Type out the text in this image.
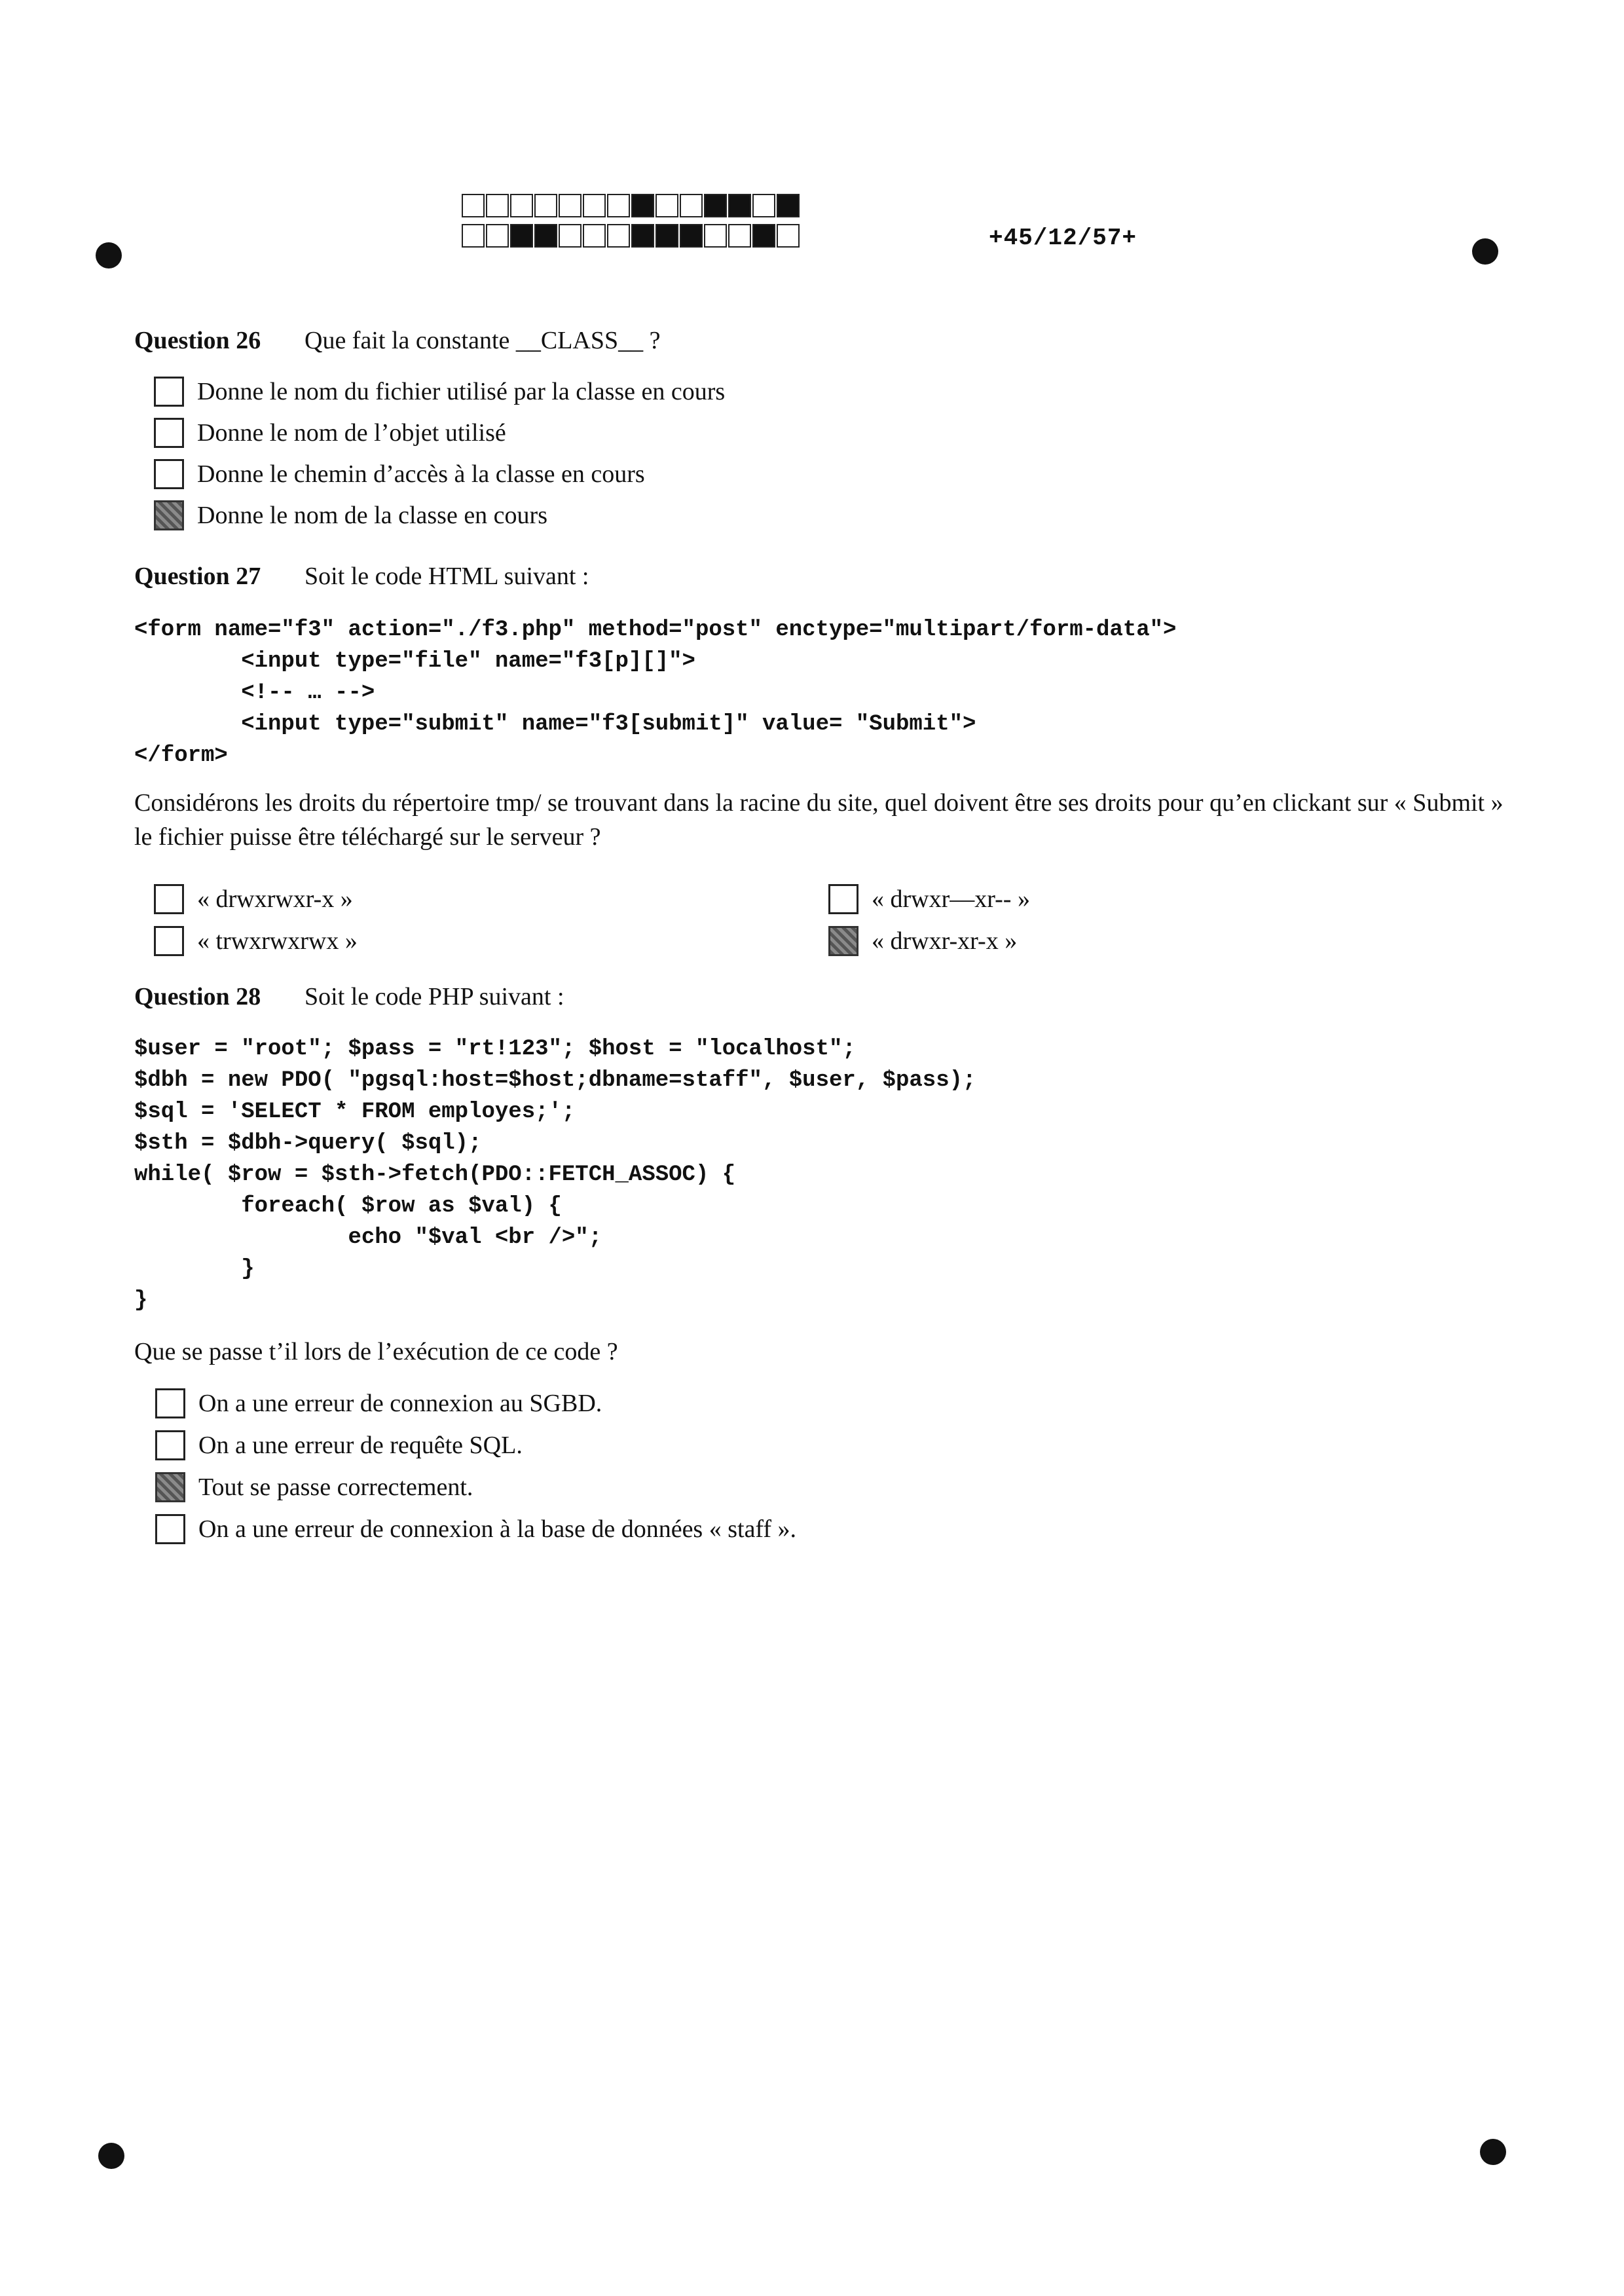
+45/12/57+
Question 26 Que fait la constante __CLASS__ ?
Donne le nom du fichier utilisé par la classe en cours
Donne le nom de l’objet utilisé
Donne le chemin d’accès à la classe en cours
Donne le nom de la classe en cours
Question 27 Soit le code HTML suivant :
<form name="f3" action="./f3.php" method="post" enctype="multipart/form-data">
<input type="file" name="f3[p][]">
<!-- … -->
<input type="submit" name="f3[submit]" value= "Submit">
</form>

Considérons les droits du répertoire tmp/ se trouvant dans la racine du site, quel doivent être ses droits pour qu’en clickant sur « Submit » le fichier puisse être téléchargé sur le serveur ?

« drwxrwxr-x »	« drwxr—xr-- »
« trwxrwxrwx »	« drwxr-xr-x »
Question 28 Soit le code PHP suivant :
$user = "root"; $pass = "rt!123"; $host = "localhost";
$dbh = new PDO( "pgsql:host=$host;dbname=staff", $user, $pass);
$sql = 'SELECT * FROM employes;';
$sth = $dbh->query( $sql);
while( $row = $sth->fetch(PDO::FETCH_ASSOC) {
foreach( $row as $val) {
echo "$val <br />";
}
}
Que se passe t’il lors de l’exécution de ce code ?
On a une erreur de connexion au SGBD.
On a une erreur de requête SQL.
Tout se passe correctement.
On a une erreur de connexion à la base de données « staff ».
